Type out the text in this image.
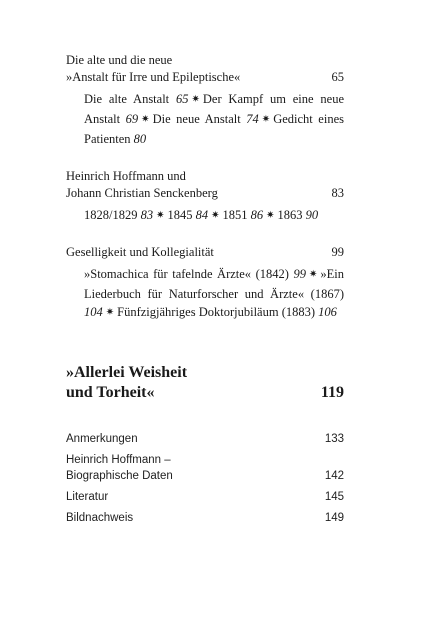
Die alte und die neue
»Anstalt für Irre und Epileptische«	65
Die alte Anstalt 65 ✷ Der Kampf um eine neue Anstalt 69 ✷ Die neue Anstalt 74 ✷ Gedicht eines Patienten 80
Heinrich Hoffmann und
Johann Christian Senckenberg	83
1828/1829 83 ✷ 1845 84 ✷ 1851 86 ✷ 1863 90
Geselligkeit und Kollegialität	99
»Stomachica für tafelnde Ärzte« (1842) 99 ✷ »Ein Liederbuch für Naturforscher und Ärzte« (1867) 104 ✷ Fünfzigjähriges Doktorjubiläum (1883) 106
»Allerlei Weisheit
und Torheit«	119
Anmerkungen	133
Heinrich Hoffmann –
Biographische Daten	142
Literatur	145
Bildnachweis	149
